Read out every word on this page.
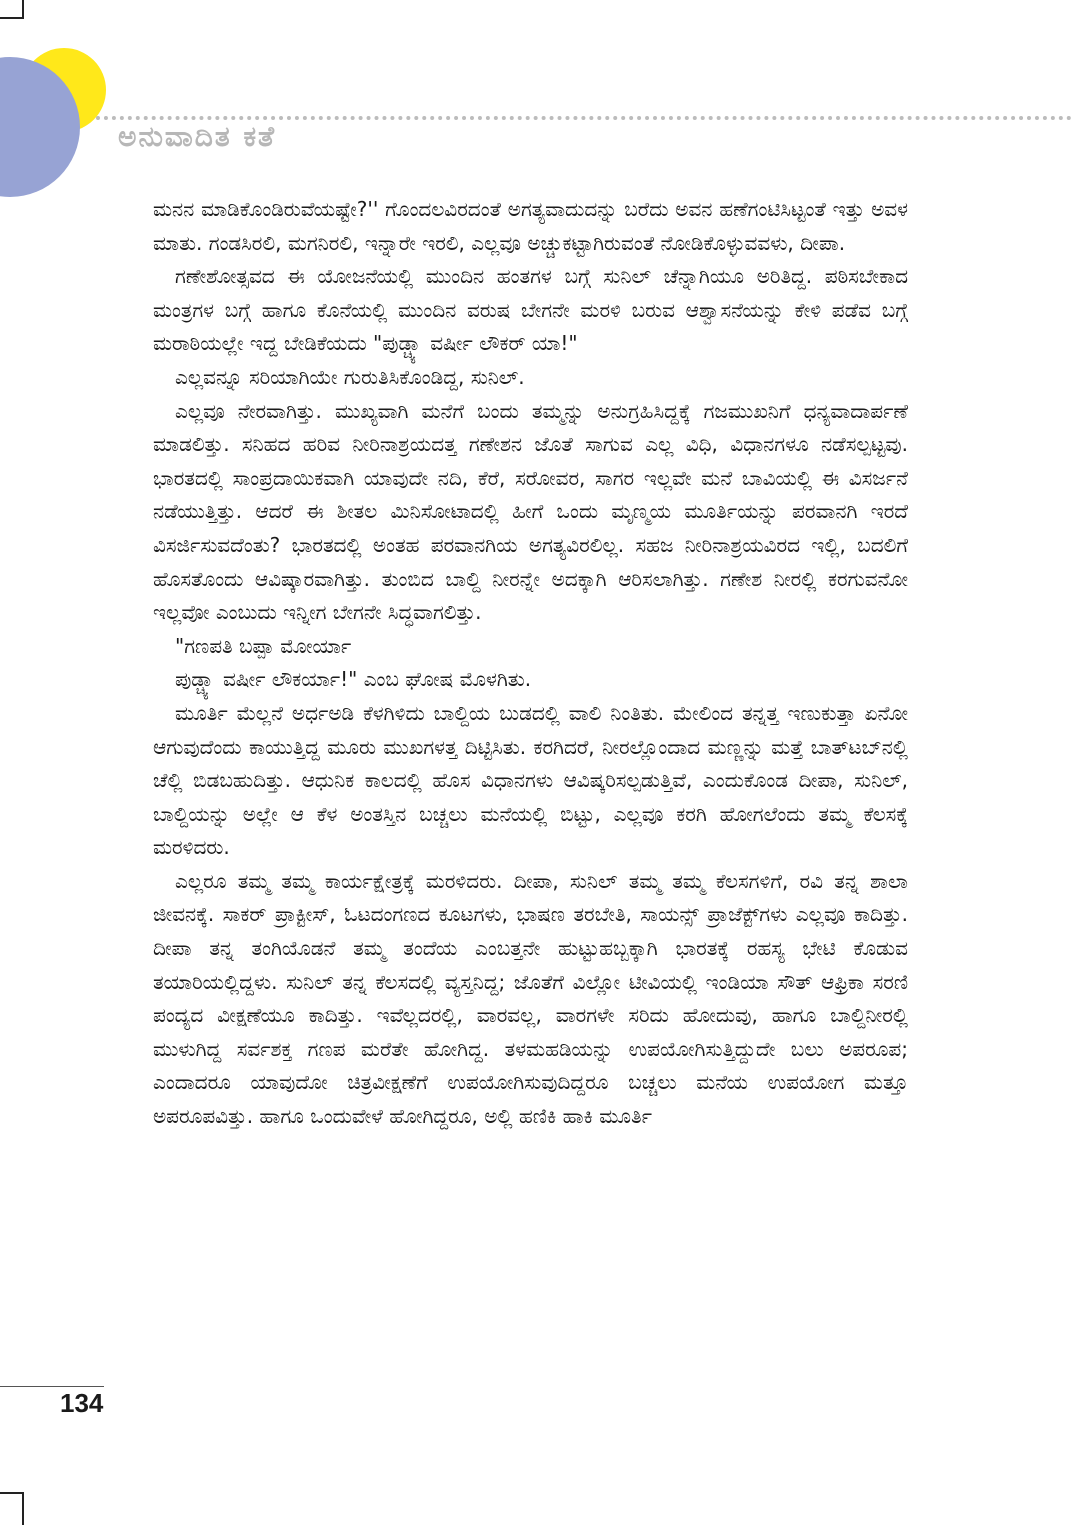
ಅನುವಾದಿತ ಕತೆ

ಮನನ ಮಾಡಿಕೊಂಡಿರುವೆಯಷ್ಟೇ?'' ಗೊಂದಲವಿರದಂತೆ ಅಗತ್ಯವಾದುದನ್ನು ಬರೆದು ಅವನ ಹಣೆಗಂಟಿಸಿಟ್ಟಂತೆ ಇತ್ತು ಅವಳ ಮಾತು. ಗಂಡಸಿರಲಿ, ಮಗನಿರಲಿ, ಇನ್ನಾರೇ ಇರಲಿ, ಎಲ್ಲವೂ ಅಚ್ಚುಕಟ್ಟಾಗಿರುವಂತೆ ನೋಡಿಕೊಳ್ಳುವವಳು, ದೀಪಾ.

ಗಣೇಶೋತ್ಸವದ ಈ ಯೋಜನೆಯಲ್ಲಿ ಮುಂದಿನ ಹಂತಗಳ ಬಗ್ಗೆ ಸುನಿಲ್ ಚೆನ್ನಾಗಿಯೂ ಅರಿತಿದ್ದ. ಪಠಿಸಬೇಕಾದ ಮಂತ್ರಗಳ ಬಗ್ಗೆ ಹಾಗೂ ಕೊನೆಯಲ್ಲಿ ಮುಂದಿನ ವರುಷ ಬೇಗನೇ ಮರಳಿ ಬರುವ ಆಶ್ವಾಸನೆಯನ್ನು ಕೇಳಿ ಪಡೆವ ಬಗ್ಗೆ ಮರಾಠಿಯಲ್ಲೇ ಇದ್ದ ಬೇಡಿಕೆಯದು "ಪುಡ್ಚ್ಯಾ ವರ್ಷೀ ಲೌಕರ್ ಯಾ!"

ಎಲ್ಲವನ್ನೂ ಸರಿಯಾಗಿಯೇ ಗುರುತಿಸಿಕೊಂಡಿದ್ದ, ಸುನಿಲ್.

ಎಲ್ಲವೂ ನೇರವಾಗಿತ್ತು. ಮುಖ್ಯವಾಗಿ ಮನೆಗೆ ಬಂದು ತಮ್ಮನ್ನು ಅನುಗ್ರಹಿಸಿದ್ದಕ್ಕೆ ಗಜಮುಖನಿಗೆ ಧನ್ಯವಾದಾರ್ಪಣೆ ಮಾಡಲಿತ್ತು. ಸನಿಹದ ಹರಿವ ನೀರಿನಾಶ್ರಯದತ್ತ ಗಣೇಶನ ಜೊತೆ ಸಾಗುವ ಎಲ್ಲ ವಿಧಿ, ವಿಧಾನಗಳೂ ನಡೆಸಲ್ಪಟ್ಟವು. ಭಾರತದಲ್ಲಿ ಸಾಂಪ್ರದಾಯಿಕವಾಗಿ ಯಾವುದೇ ನದಿ, ಕೆರೆ, ಸರೋವರ, ಸಾಗರ ಇಲ್ಲವೇ ಮನೆ ಬಾವಿಯಲ್ಲಿ ಈ ವಿಸರ್ಜನೆ ನಡೆಯುತ್ತಿತ್ತು. ಆದರೆ ಈ ಶೀತಲ ಮಿನಿಸೋಟಾದಲ್ಲಿ ಹೀಗೆ ಒಂದು ಮೃಣ್ಮಯ ಮೂರ್ತಿಯನ್ನು ಪರವಾನಗಿ ಇರದೆ ವಿಸರ್ಜಿಸುವದೆಂತು? ಭಾರತದಲ್ಲಿ ಅಂತಹ ಪರವಾನಗಿಯ ಅಗತ್ಯವಿರಲಿಲ್ಲ. ಸಹಜ ನೀರಿನಾಶ್ರಯವಿರದ ಇಲ್ಲಿ, ಬದಲಿಗೆ ಹೊಸತೊಂದು ಆವಿಷ್ಕಾರವಾಗಿತ್ತು. ತುಂಬಿದ ಬಾಲ್ದಿ ನೀರನ್ನೇ ಅದಕ್ಕಾಗಿ ಆರಿಸಲಾಗಿತ್ತು. ಗಣೇಶ ನೀರಲ್ಲಿ ಕರಗುವನೋ ಇಲ್ಲವೋ ಎಂಬುದು ಇನ್ನೀಗ ಬೇಗನೇ ಸಿದ್ಧವಾಗಲಿತ್ತು.

"ಗಣಪತಿ ಬಪ್ಪಾ ಮೋರ್ಯಾ

ಪುಡ್ಚ್ಯಾ ವರ್ಷೀ ಲೌಕರ್ಯಾ!" ಎಂಬ ಘೋಷ ಮೊಳಗಿತು.

ಮೂರ್ತಿ ಮೆಲ್ಲನೆ ಅರ್ಧಅಡಿ ಕೆಳಗಿಳಿದು ಬಾಲ್ದಿಯ ಬುಡದಲ್ಲಿ ವಾಲಿ ನಿಂತಿತು. ಮೇಲಿಂದ ತನ್ನತ್ತ ಇಣುಕುತ್ತಾ ಏನೋ ಆಗುವುದೆಂದು ಕಾಯುತ್ತಿದ್ದ ಮೂರು ಮುಖಗಳತ್ತ ದಿಟ್ಟಿಸಿತು. ಕರಗಿದರೆ, ನೀರಲ್ಲೊಂದಾದ ಮಣ್ಣನ್ನು ಮತ್ತೆ ಬಾತ್‌ಟಬ್‌ನಲ್ಲಿ ಚೆಲ್ಲಿ ಬಿಡಬಹುದಿತ್ತು. ಆಧುನಿಕ ಕಾಲದಲ್ಲಿ ಹೊಸ ವಿಧಾನಗಳು ಆವಿಷ್ಕರಿಸಲ್ಪಡುತ್ತಿವೆ, ಎಂದುಕೊಂಡ ದೀಪಾ, ಸುನಿಲ್, ಬಾಲ್ದಿಯನ್ನು ಅಲ್ಲೇ ಆ ಕೆಳ ಅಂತಸ್ತಿನ ಬಚ್ಚಲು ಮನೆಯಲ್ಲಿ ಬಿಟ್ಟು, ಎಲ್ಲವೂ ಕರಗಿ ಹೋಗಲೆಂದು ತಮ್ಮ ಕೆಲಸಕ್ಕೆ ಮರಳಿದರು.

ಎಲ್ಲರೂ ತಮ್ಮ ತಮ್ಮ ಕಾರ್ಯಕ್ಷೇತ್ರಕ್ಕೆ ಮರಳಿದರು. ದೀಪಾ, ಸುನಿಲ್ ತಮ್ಮ ತಮ್ಮ ಕೆಲಸಗಳಿಗೆ, ರವಿ ತನ್ನ ಶಾಲಾ ಜೀವನಕ್ಕೆ. ಸಾಕರ್ ಪ್ರಾಕ್ಟೀಸ್, ಓಟದಂಗಣದ ಕೂಟಗಳು, ಭಾಷಣ ತರಬೇತಿ, ಸಾಯನ್ಸ್ ಪ್ರಾಜೆಕ್ಟ್‌ಗಳು ಎಲ್ಲವೂ ಕಾದಿತ್ತು. ದೀಪಾ ತನ್ನ ತಂಗಿಯೊಡನೆ ತಮ್ಮ ತಂದೆಯ ಎಂಬತ್ತನೇ ಹುಟ್ಟುಹಬ್ಬಕ್ಕಾಗಿ ಭಾರತಕ್ಕೆ ರಹಸ್ಯ ಭೇಟಿ ಕೊಡುವ ತಯಾರಿಯಲ್ಲಿದ್ದಳು. ಸುನಿಲ್ ತನ್ನ ಕೆಲಸದಲ್ಲಿ ವ್ಯಸ್ತನಿದ್ದ; ಜೊತೆಗೆ ವಿಲ್ಲೋ ಟೀವಿಯಲ್ಲಿ ಇಂಡಿಯಾ ಸೌತ್ ಆಫ್ರಿಕಾ ಸರಣಿ ಪಂದ್ಯದ ವೀಕ್ಷಣೆಯೂ ಕಾದಿತ್ತು. ಇವೆಲ್ಲದರಲ್ಲಿ, ವಾರವಲ್ಲ, ವಾರಗಳೇ ಸರಿದು ಹೋದುವು, ಹಾಗೂ ಬಾಲ್ದಿನೀರಲ್ಲಿ ಮುಳುಗಿದ್ದ ಸರ್ವಶಕ್ತ ಗಣಪ ಮರೆತೇ ಹೋಗಿದ್ದ. ತಳಮಹಡಿಯನ್ನು ಉಪಯೋಗಿಸುತ್ತಿದ್ದುದೇ ಬಲು ಅಪರೂಪ; ಎಂದಾದರೂ ಯಾವುದೋ ಚಿತ್ರವೀಕ್ಷಣೆಗೆ ಉಪಯೋಗಿಸುವುದಿದ್ದರೂ ಬಚ್ಚಲು ಮನೆಯ ಉಪಯೋಗ ಮತ್ತೂ ಅಪರೂಪವಿತ್ತು. ಹಾಗೂ ಒಂದುವೇಳೆ ಹೋಗಿದ್ದರೂ, ಅಲ್ಲಿ ಹಣಿಕಿ ಹಾಕಿ ಮೂರ್ತಿ

134
